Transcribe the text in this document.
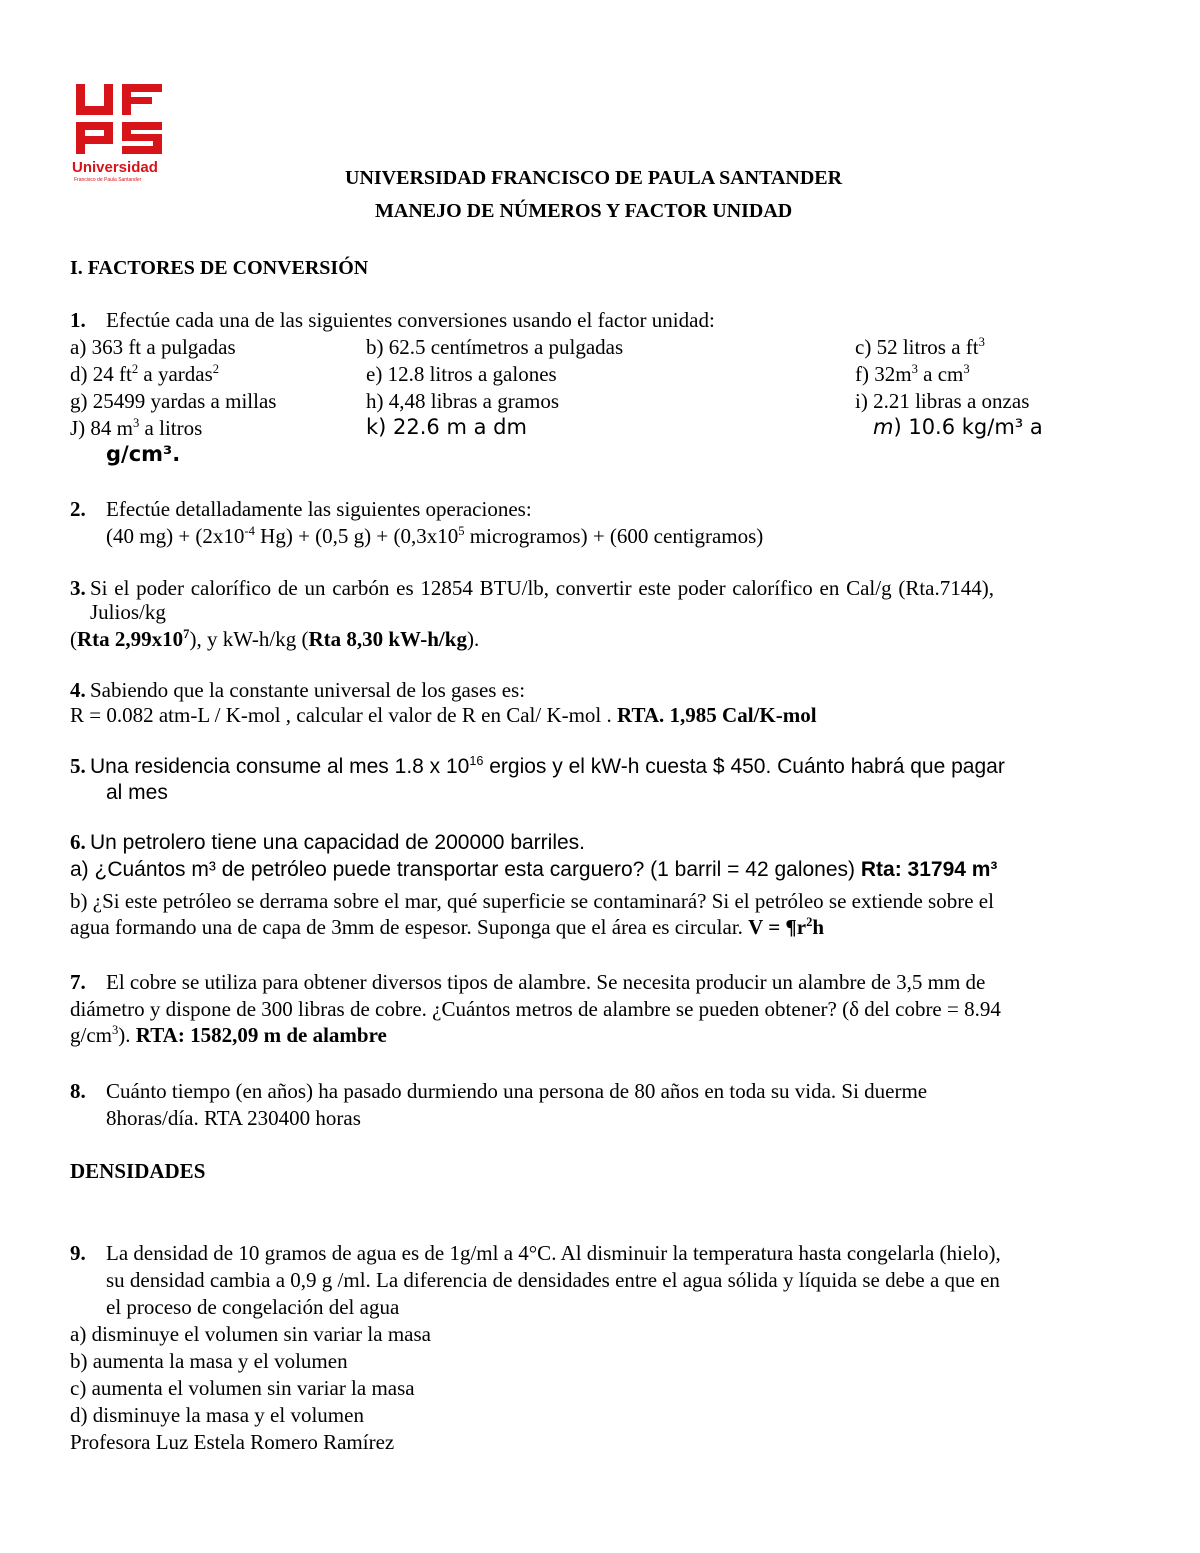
Universidad
Francisco de Paula Santander	UNIVERSIDAD FRANCISCO DE PAULA SANTANDER
MANEJO DE NÚMEROS Y FACTOR UNIDAD
I. FACTORES DE CONVERSIÓN
1. Efectúe cada una de las siguientes conversiones usando el factor unidad:
a) 363 ft a pulgadas	b) 62.5 centímetros a pulgadas	c) 52 litros a $ft^3$
d) 24 $ft^2$ a yardas$^2$	e) 12.8 litros a galones	f) $32m^3$ a $cm^3$
g) 25499 yardas a millas	h) 4,48 libras a gramos	i) 2.21 libras a onzas
J) 84 $m^3$ a litros	k) 22.6 m a dm	m) 10.6 kg/m³ a
g/cm³.
2. Efectúe detalladamente las siguientes operaciones:
(40 $mg) + (2x10^{-4}$ Hg) + (0,5 $g) + (0,3x10^5$ microgramos) + (600 centigramos)
3. Si el poder calorífico de un carbón es 12854 BTU/lb, convertir este poder calorífico en Cal/g (Rta.7144),
Julios/kg
(Rta $2,99x10^7$), y kW-h/kg (Rta 8,30 kW-h/kg).
4. Sabiendo que la constante universal de los gases es:
R = 0.082 atm-L / K-mol , calcular el valor de R en Cal/ K-mol . RTA. 1,985 Cal/K-mol
5. Una residencia consume al mes 1.8 x $10^{16}$ ergios y el kW-h cuesta $ 450. Cuánto habrá que pagar
al mes
6. Un petrolero tiene una capacidad de 200000 barriles.
a) ¿Cuántos m³ de petróleo puede transportar esta carguero? (1 barril = 42 galones) Rta: 31794 m³
b) ¿Si este petróleo se derrama sobre el mar, qué superficie se contaminará? Si el petróleo se extiende sobre el
agua formando una de capa de 3mm de espesor. Suponga que el área es circular. $V = \P r^2h$
7. El cobre se utiliza para obtener diversos tipos de alambre. Se necesita producir un alambre de 3,5 mm de
diámetro y dispone de 300 libras de cobre. ¿Cuántos metros de alambre se pueden obtener? (δ del cobre = 8.94
$g/cm^3$). RTA: 1582,09 m de alambre
8. Cuánto tiempo (en años) ha pasado durmiendo una persona de 80 años en toda su vida. Si duerme
8horas/día. RTA 230400 horas
DENSIDADES
9. La densidad de 10 gramos de agua es de 1g/ml a 4°C. Al disminuir la temperatura hasta congelarla (hielo),
su densidad cambia a 0,9 g /ml. La diferencia de densidades entre el agua sólida y líquida se debe a que en
el proceso de congelación del agua
a) disminuye el volumen sin variar la masa
b) aumenta la masa y el volumen
c) aumenta el volumen sin variar la masa
d) disminuye la masa y el volumen
Profesora Luz Estela Romero Ramírez
